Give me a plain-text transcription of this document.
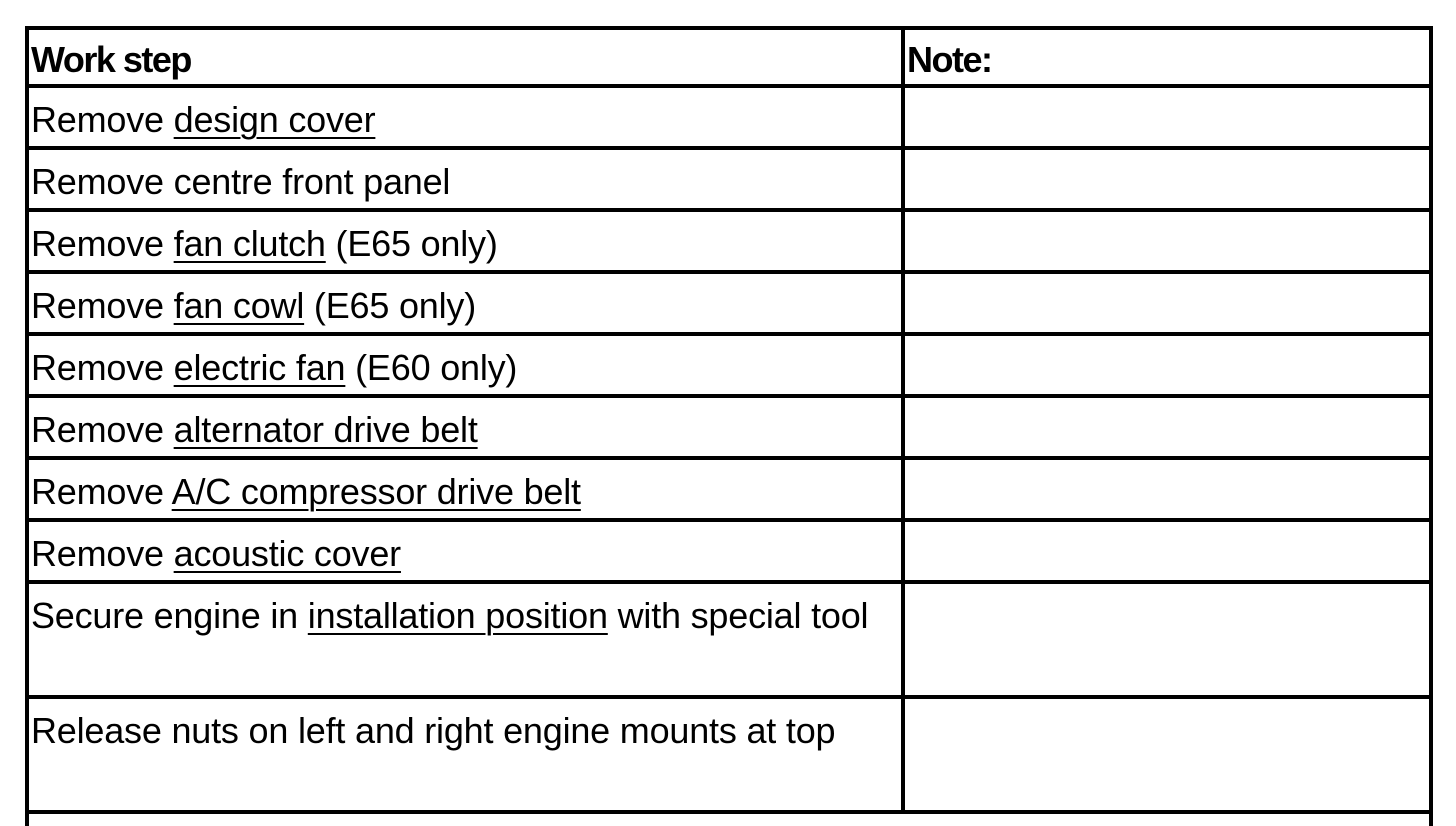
Work step	Note:
Remove design cover
Remove centre front panel
Remove fan clutch (E65 only)
Remove fan cowl (E65 only)
Remove electric fan (E60 only)
Remove alternator drive belt
Remove A/C compressor drive belt
Remove acoustic cover
Secure engine in installation position with special tool
Release nuts on left and right engine mounts at top
